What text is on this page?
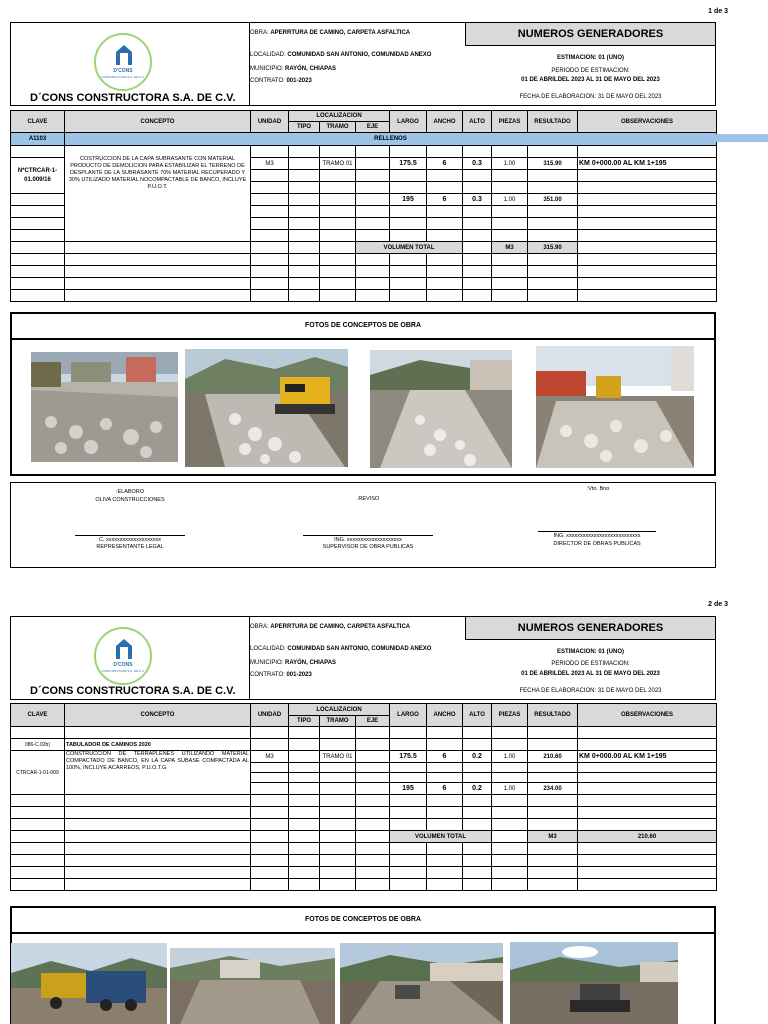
1 de 3
D'CONS
CONSTRUCTORA S.A. DE C.V.
D´CONS CONSTRUCTORA S.A. DE C.V.
OBRA: APERRTURA DE CAMINO, CARPETA ASFALTICA
LOCALIDAD: COMUNIDAD SAN ANTONIO, COMUNIDAD ANEXO
MUNICIPIO: RAYÓN, CHIAPAS
CONTRATO: 001-2023
NUMEROS GENERADORES
ESTIMACION: 01 (UNO)
PERIODO DE ESTIMACION:
01 DE ABRILDEL 2023 AL 31 DE MAYO DEL 2023
FECHA DE ELABORACION: 31 DE MAYO DEL 2023
CLAVE	CONCEPTO	UNIDAD	LOCALIZACION			LARGO	ANCHO	ALTO	PIEZAS	RESULTADO	OBSERVACIONES
			TIPO	TRAMO	EJE						
A1103	RELLENOS										
	COSTRUCCION DE LA CAPA SUBRASANTE CON MATERIAL PRODUCTO DE DEMOLICION PARA ESTABILIZAR EL TERRENO DE DESPLANTE DE LA SUBRASANTE 70% MATERIAL RECUPERADO Y 30% UTILIZADO MATERIAL NOCOMPACTABLE DE BANCO, INCLUYE P.U.O.T.										
N*CTRCAR-1-01.009/16		M3		TRAMO 01		175.5	6	0.3	1.00	315.90	KM 0+000.00 AL KM 1+195

						195	6	0.3	1.00	351.00	

					VOLUMEN TOTAL				M3	315.90	

FOTOS DE CONCEPTOS DE OBRA
:ELABORO
OLIVA CONSTRUCCIONES	.REVISO
:Vto. Bno
C. xxxxxxxxxxxxxxxxxxxx
REPRESENTANTE LEGAL
ING. xxxxxxxxxxxxxxxxxxxx
SUPERVISOR DE OBRA PUBLICAS
ING. xxxxxxxxxxxxxxxxxxxxxxxxxxx
DIRECTOR DE OBRAS PUBLICAS
2 de 3
D'CONS
CONSTRUCTORA S.A. DE C.V.
D´CONS CONSTRUCTORA S.A. DE C.V.
OBRA: APERRTURA DE CAMINO, CARPETA ASFALTICA
LOCALIDAD: COMUNIDAD SAN ANTONIO, COMUNIDAD ANEXO
MUNICIPIO: RAYÓN, CHIAPAS
CONTRATO: 001-2023
NUMEROS GENERADORES
ESTIMACION: 01 (UNO)
PERIODO DE ESTIMACION:
01 DE ABRILDEL 2023 AL 31 DE MAYO DEL 2023
FECHA DE ELABORACION: 31 DE MAYO DEL 2023
CLAVE	CONCEPTO	UNIDAD	LOCALIZACION			LARGO	ANCHO	ALTO	PIEZAS	RESULTADO	OBSERVACIONES
			TIPO	TRAMO	EJE						

086-C.02b)	TABULADOR DE CAMINOS 2020										
CTRCAR-1-01-009	CONSTRUCCIÓN DE TERRAPLENES UTILIZANDO MATERIAL COMPACTADO DE BANCO, EN LA CAPA SUBASE COMPACTADA AL 100%, INCLUYE ACARREOS, P.U.O.T.G	M3		TRAMO 01		175.5	6	0.2	1.00	210.60	KM 0+000.00 AL KM 1+195

						195	6	0.2	1.00	234.00	

						VOLUMEN TOTAL				M3	210.60

FOTOS DE CONCEPTOS DE OBRA
